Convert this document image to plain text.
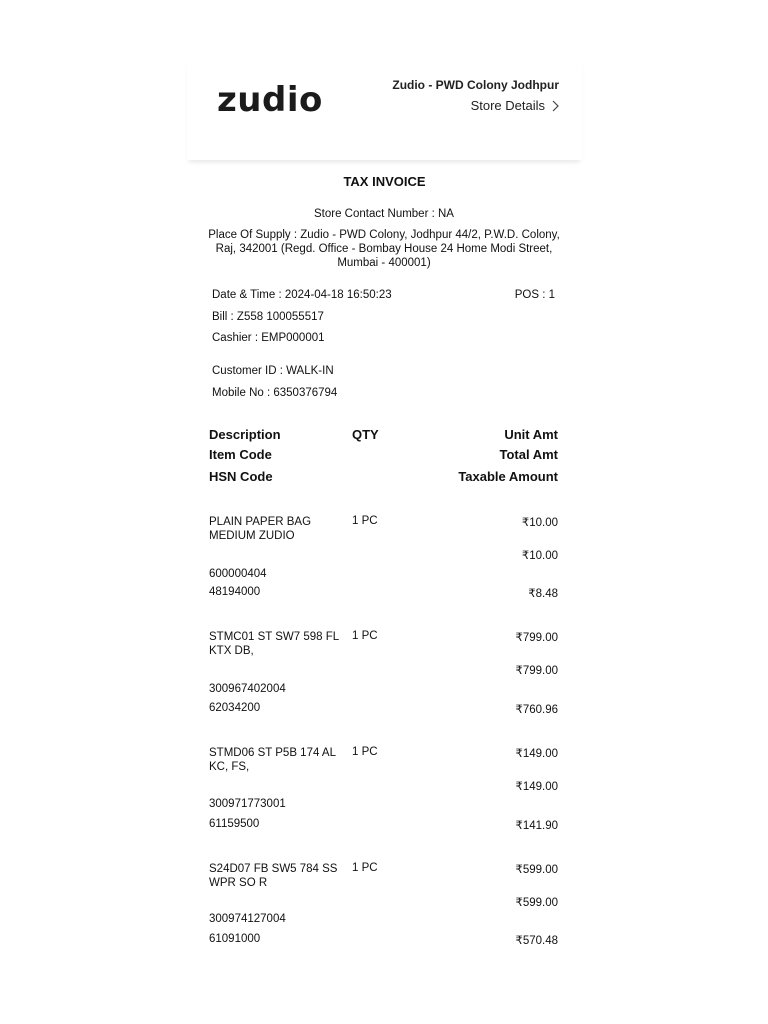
zudio	Zudio - PWD Colony Jodhpur
Store Details
TAX INVOICE
Store Contact Number : NA
Place Of Supply : Zudio - PWD Colony, Jodhpur 44/2, P.W.D. Colony, Raj, 342001 (Regd. Office - Bombay House 24 Home Modi Street, Mumbai - 400001)
Date & Time : 2024-04-18 16:50:23	POS : 1
Bill : Z558 100055517
Cashier : EMP000001
Customer ID : WALK-IN
Mobile No : 6350376794
Description	QTY	Unit Amt
Item Code	Total Amt
HSN Code	Taxable Amount
PLAIN PAPER BAG MEDIUM ZUDIO
1 PC	₹10.00
₹10.00
600000404
48194000	₹8.48
STMC01 ST SW7 598 FL KTX DB,
1 PC	₹799.00
₹799.00
300967402004
62034200	₹760.96
STMD06 ST P5B 174 AL KC, FS,
1 PC	₹149.00
₹149.00
300971773001
61159500	₹141.90
S24D07 FB SW5 784 SS WPR SO R
1 PC	₹599.00
₹599.00
300974127004
61091000	₹570.48
